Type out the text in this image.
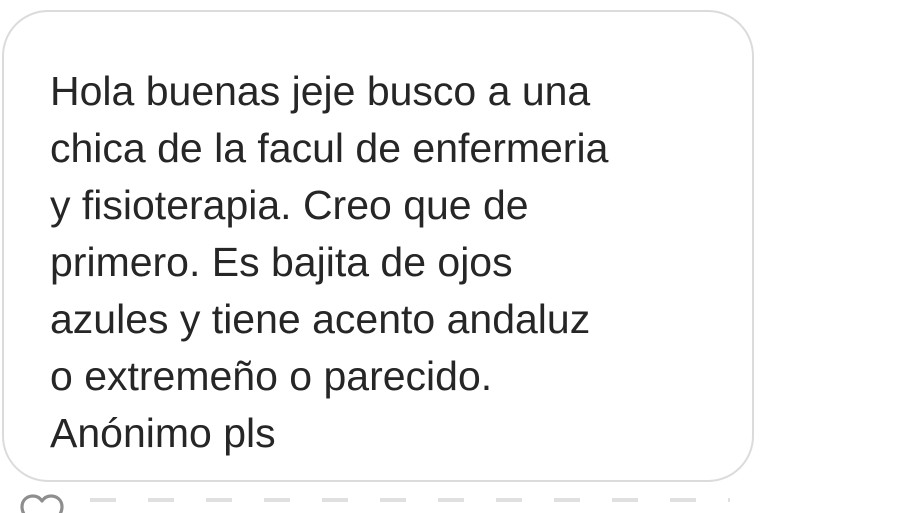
Hola buenas jeje busco a una
chica de la facul de enfermeria
y fisioterapia. Creo que de
primero. Es bajita de ojos
azules y tiene acento andaluz
o extremeño o parecido.
Anónimo pls
